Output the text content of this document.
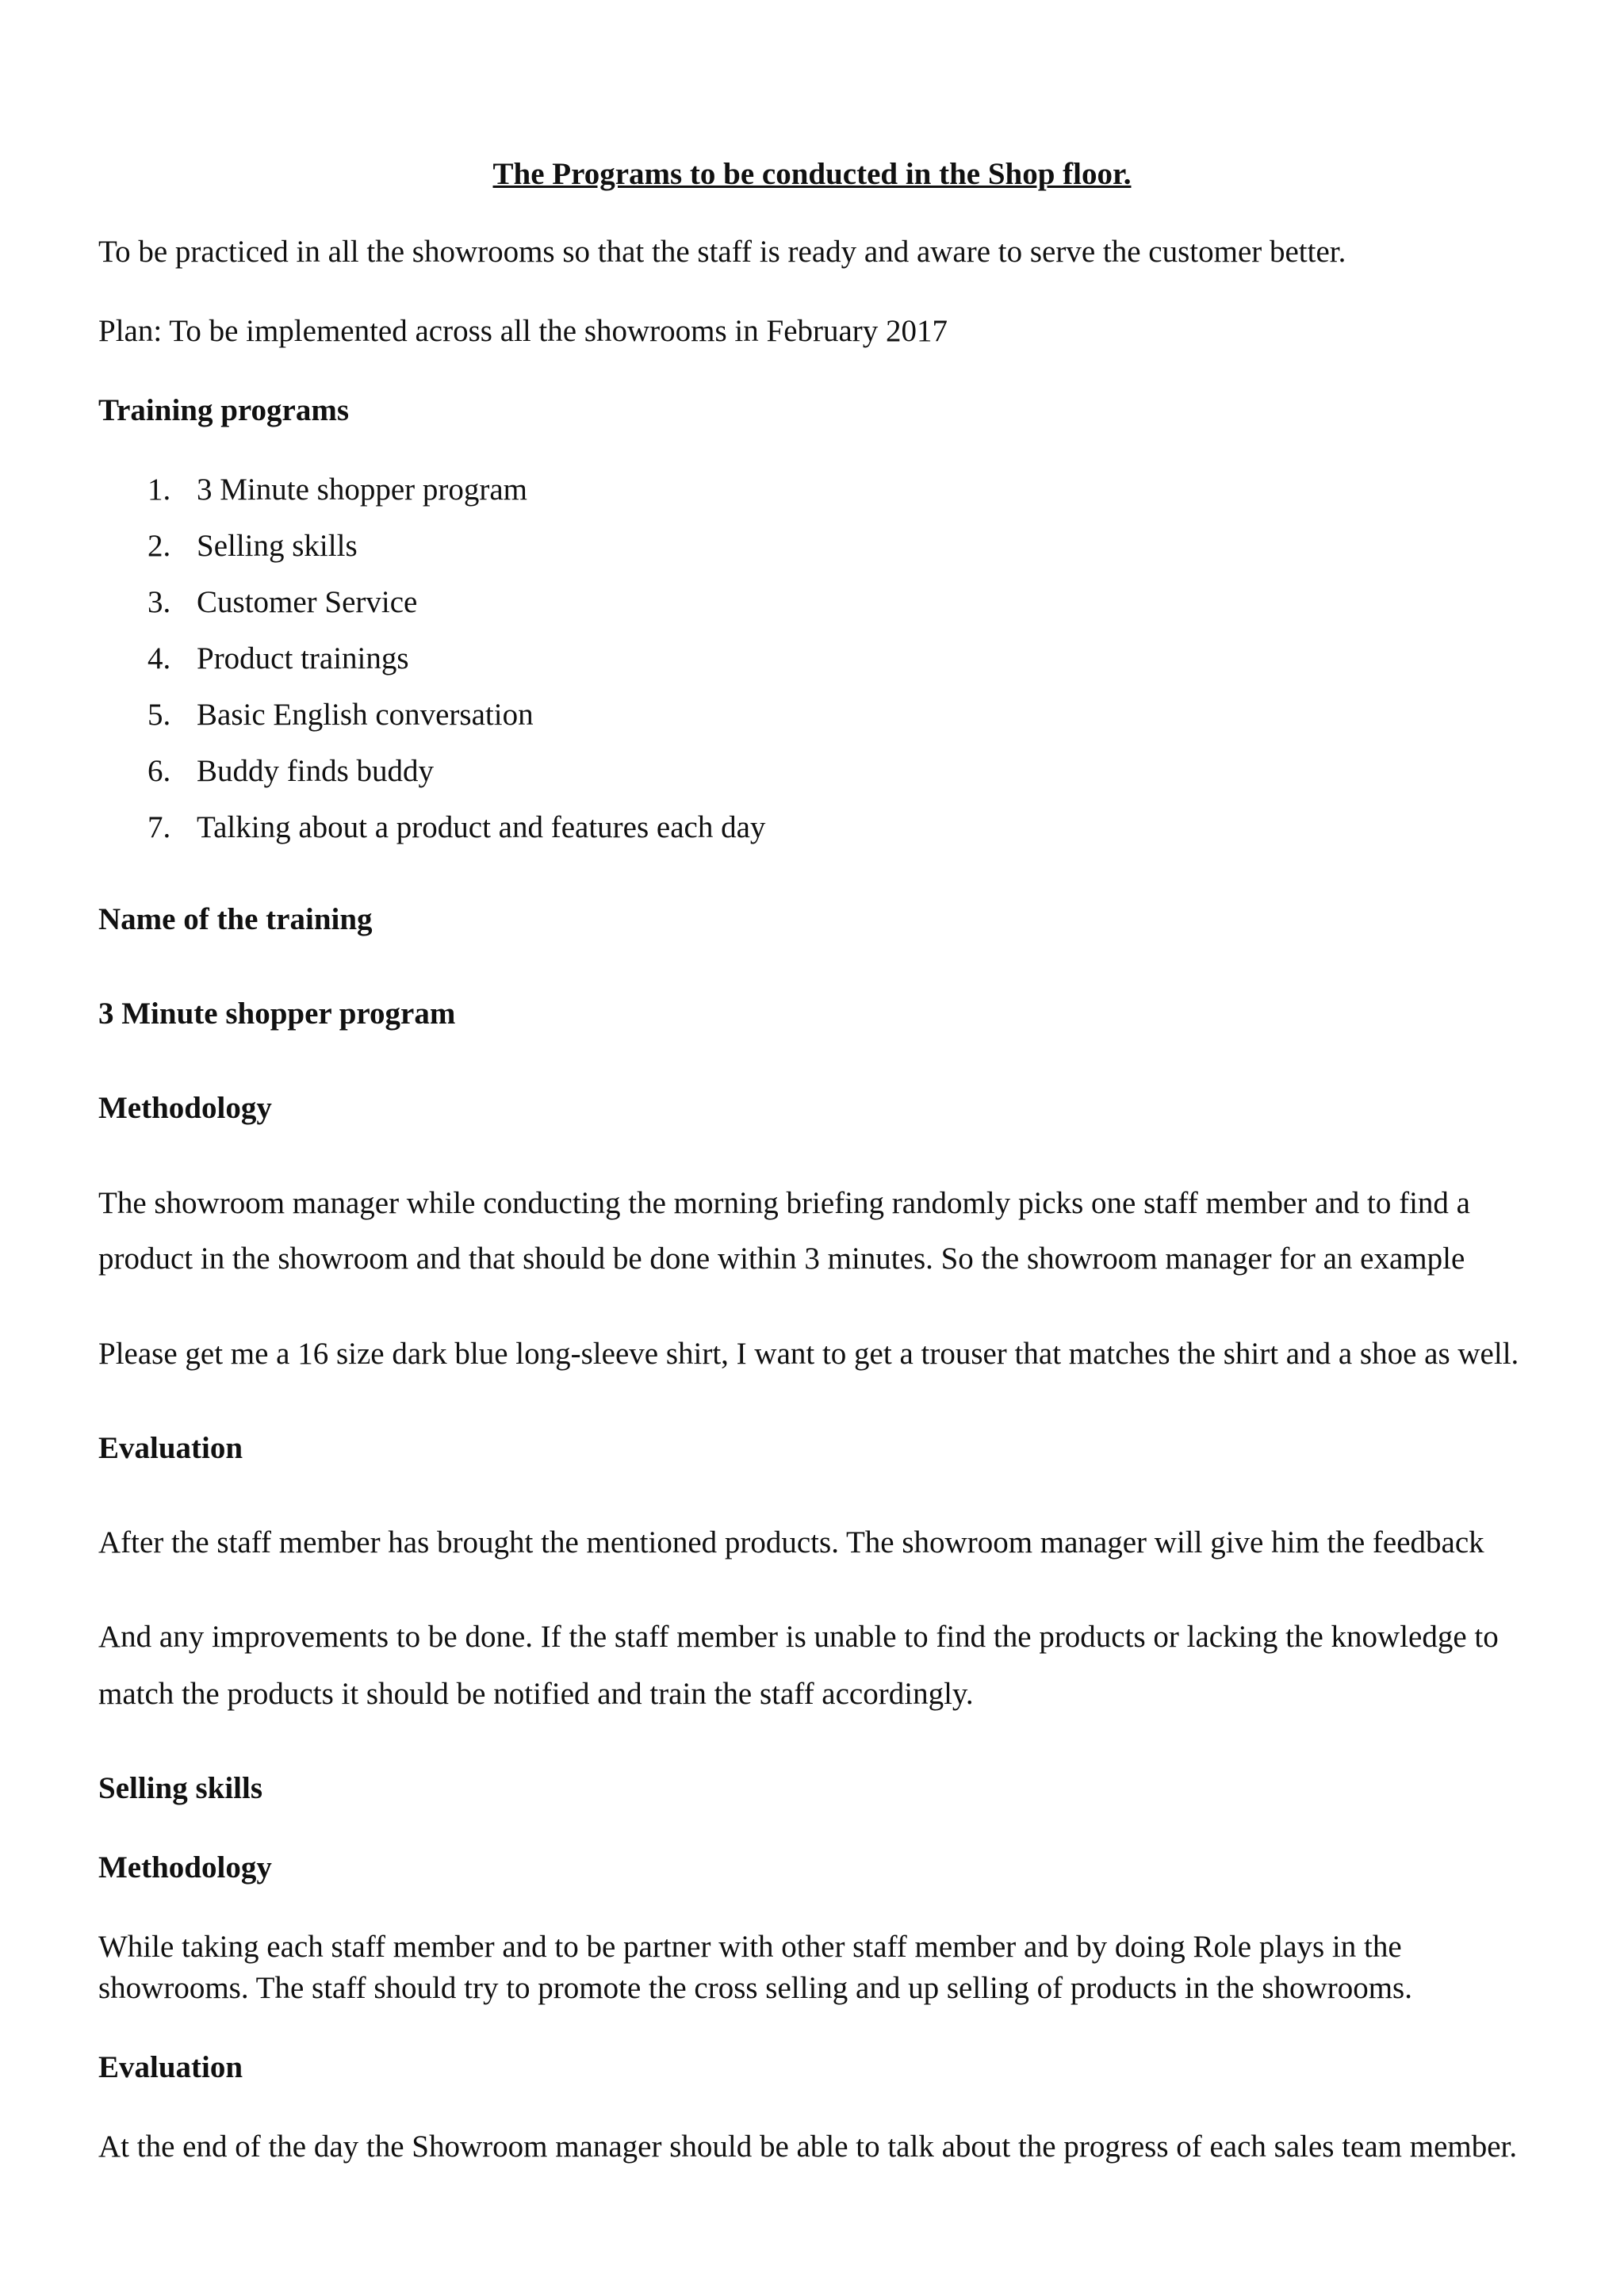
The Programs to be conducted in the Shop floor.

To be practiced in all the showrooms so that the staff is ready and aware to serve the customer better.

Plan: To be implemented across all the showrooms in February 2017

Training programs

1. 3 Minute shopper program

2. Selling skills

3. Customer Service

4. Product trainings

5. Basic English conversation

6. Buddy finds buddy

7. Talking about a product and features each day

Name of the training

3 Minute shopper program

Methodology

The showroom manager while conducting the morning briefing randomly picks one staff member and to find a

product in the showroom and that should be done within 3 minutes. So the showroom manager for an example

Please get me a 16 size dark blue long-sleeve shirt, I want to get a trouser that matches the shirt and a shoe as well.

Evaluation

After the staff member has brought the mentioned products. The showroom manager will give him the feedback

And any improvements to be done. If the staff member is unable to find the products or lacking the knowledge to

match the products it should be notified and train the staff accordingly.

Selling skills

Methodology

While taking each staff member and to be partner with other staff member and by doing Role plays in the

showrooms. The staff should try to promote the cross selling and up selling of products in the showrooms.

Evaluation

At the end of the day the Showroom manager should be able to talk about the progress of each sales team member.
